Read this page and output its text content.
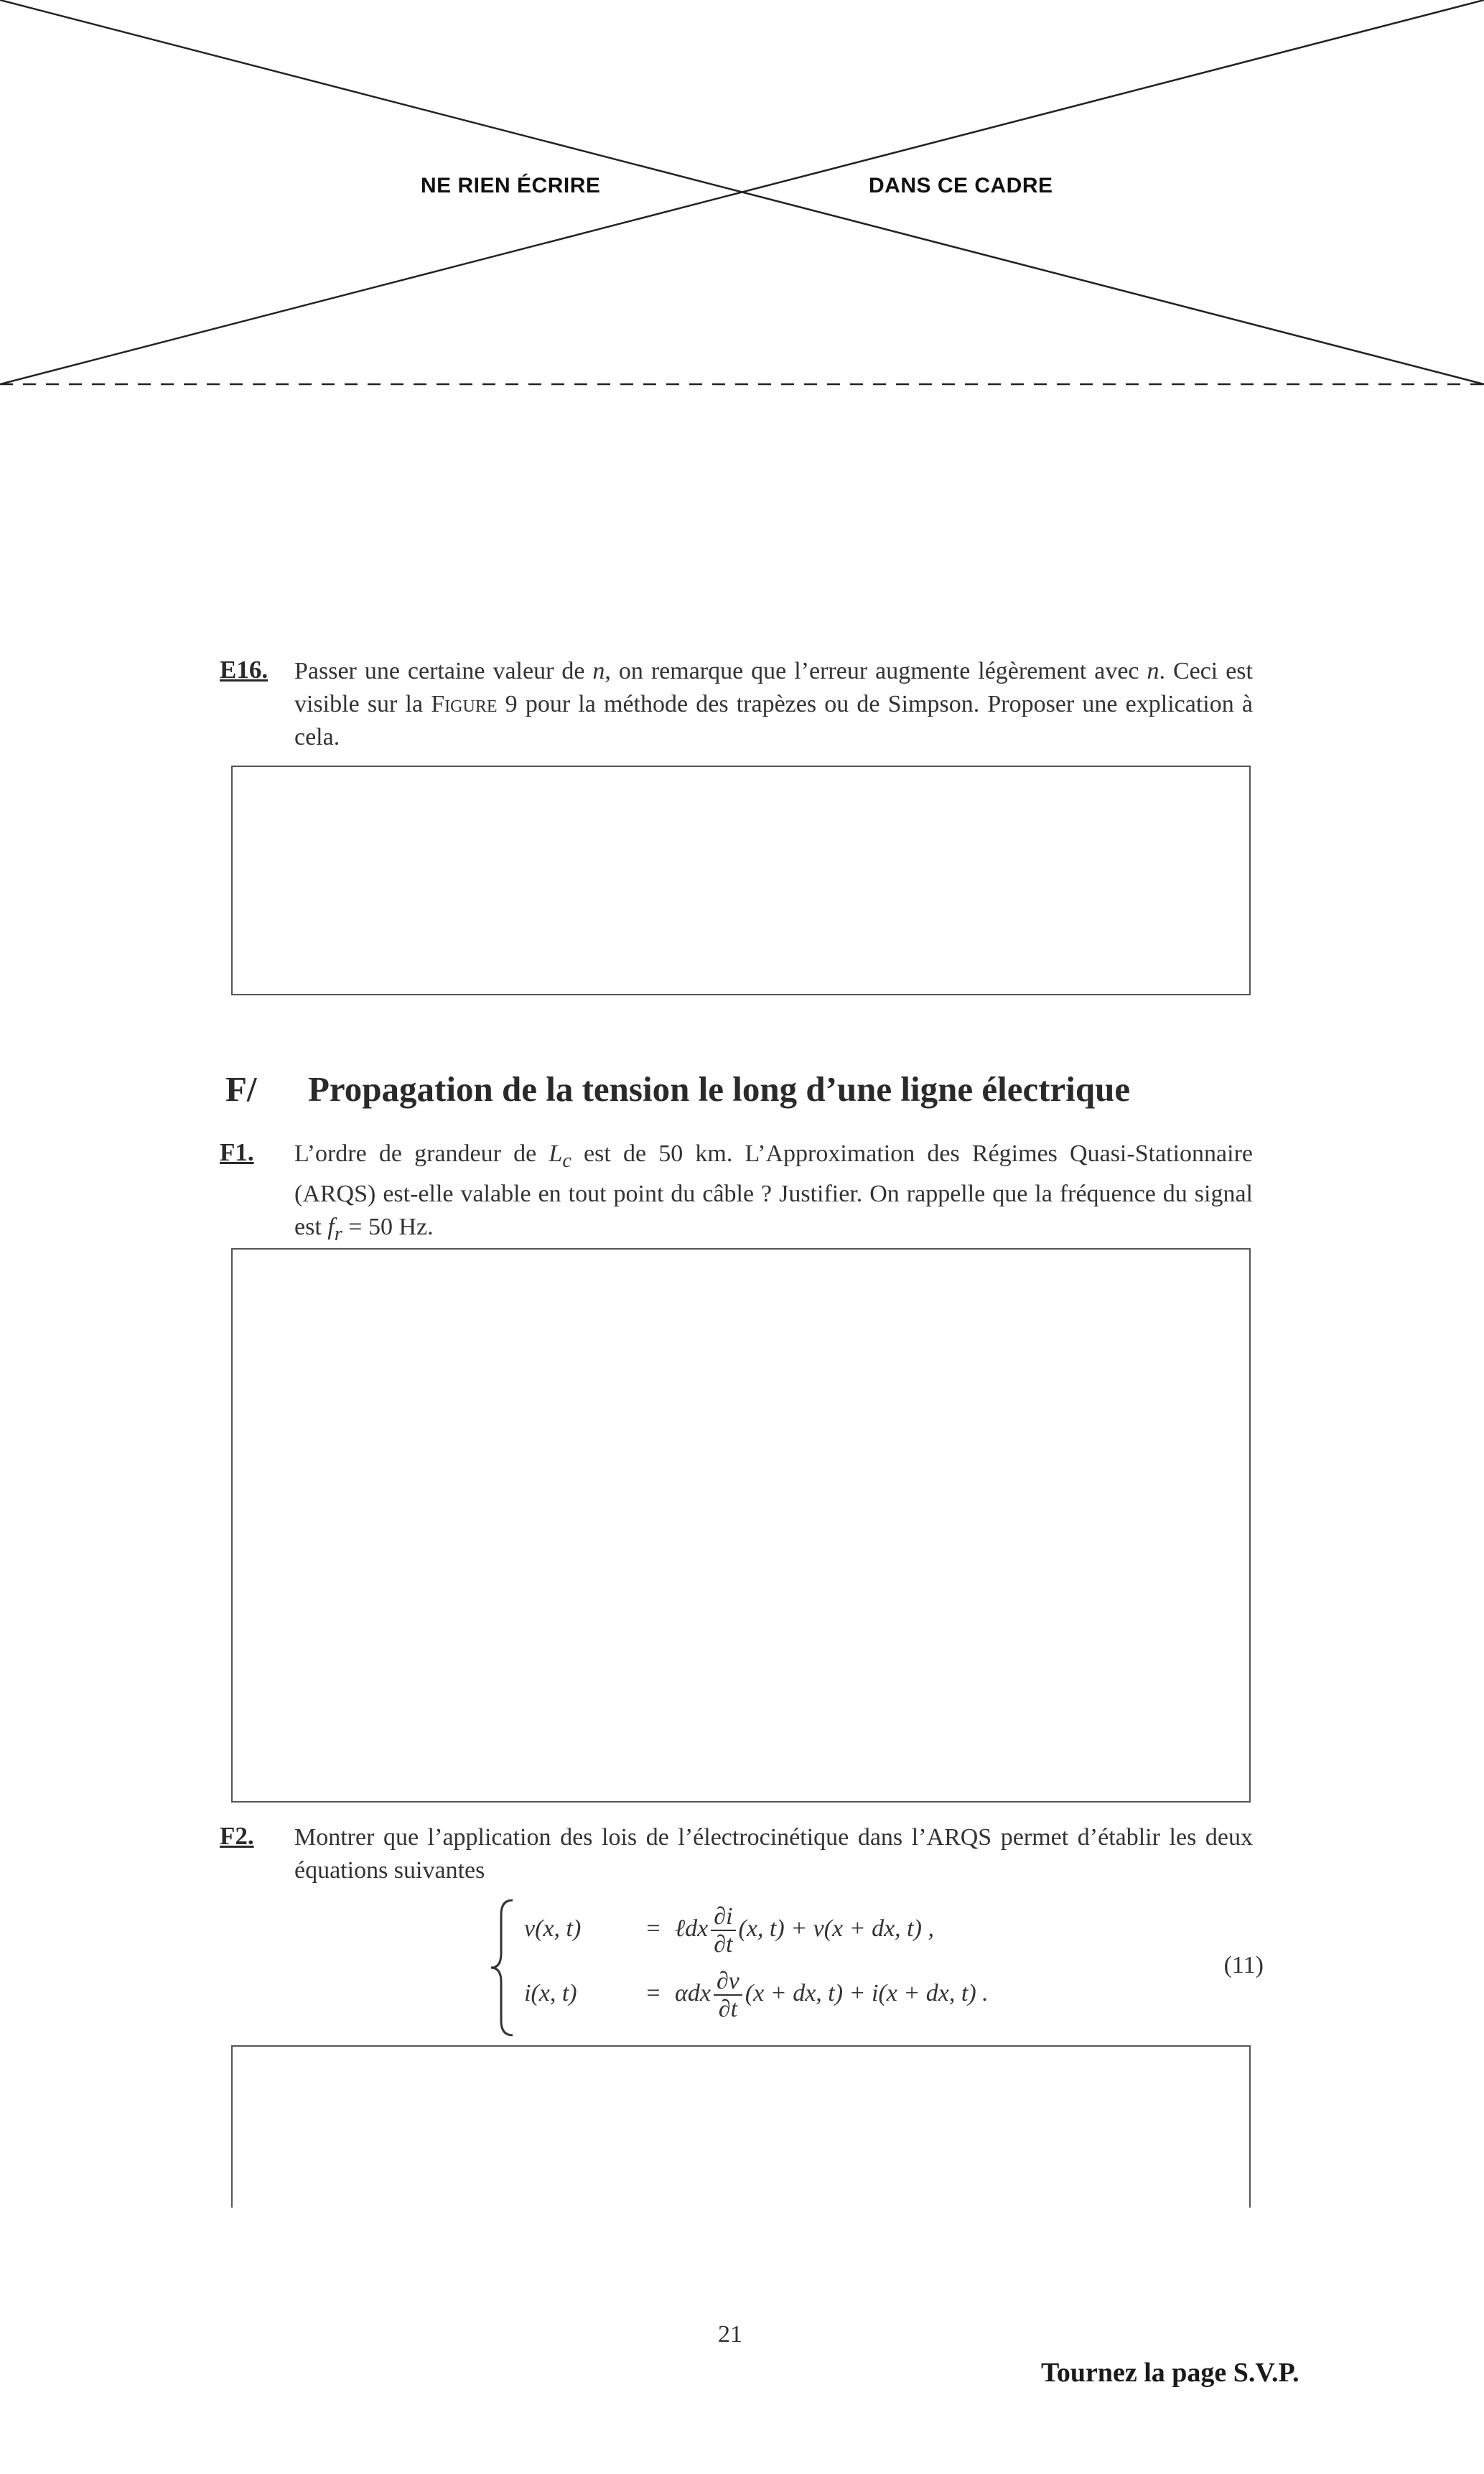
NE RIEN ÉCRIRE	DANS CE CADRE
E16. Passer une certaine valeur de n, on remarque que l’erreur augmente légèrement avec n. Ceci est visible sur la Figure 9 pour la méthode des trapèzes ou de Simpson. Proposer une explication à cela.
F/ Propagation de la tension le long d’une ligne électrique
F1. L’ordre de grandeur de $L_c$ est de 50 km. L’Approximation des Régimes Quasi-Stationnaire (ARQS) est-elle valable en tout point du câble ? Justifier. On rappelle que la fréquence du signal est $f_r = 50$ Hz.
F2. Montrer que l’application des lois de l’électrocinétique dans l’ARQS permet d’établir les deux équations suivantes
v(x, t)	= ℓdx $\frac{\partial i}{\partial t} (x$, t) + v(x + dx, t) ,
i(x, t)	= αdx $\frac{\partial v}{\partial t} (x$ + dx, t) + i(x + dx, t) .
(11)
21
Tournez la page S.V.P.
